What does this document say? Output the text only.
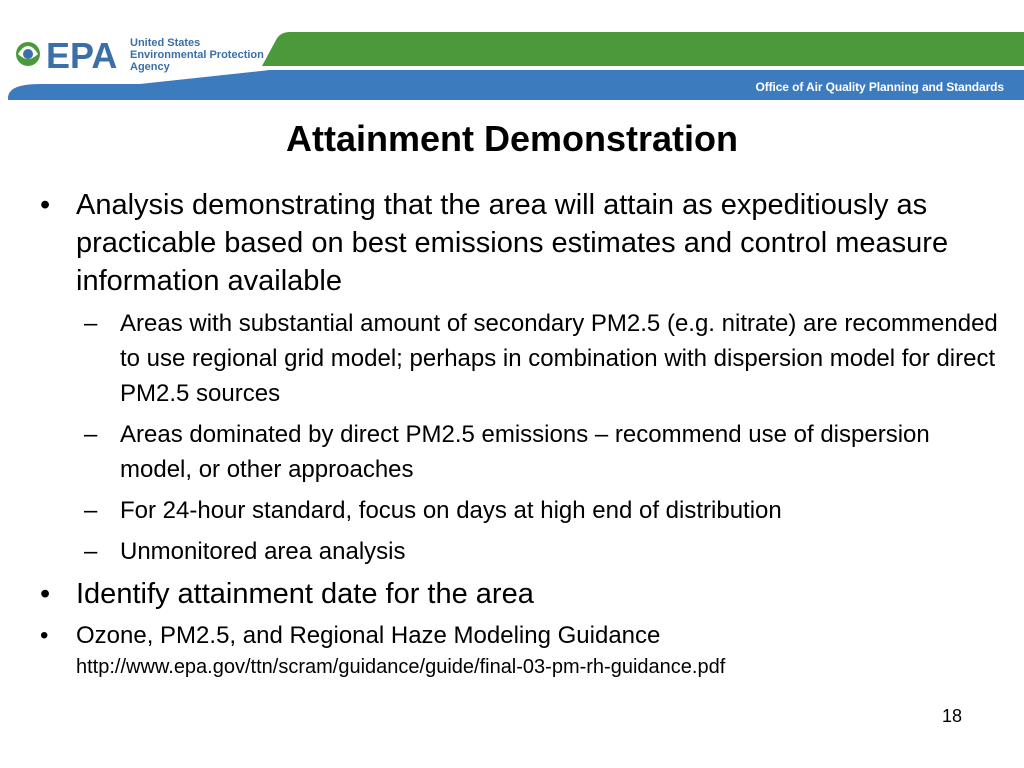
EPA United States
Environmental Protection
Agency
Office of Air Quality Planning and Standards
Attainment Demonstration
• Analysis demonstrating that the area will attain as expeditiously as practicable based on best emissions estimates and control measure information available
– Areas with substantial amount of secondary PM2.5 (e.g. nitrate) are recommended to use regional grid model; perhaps in combination with dispersion model for direct PM2.5 sources
– Areas dominated by direct PM2.5 emissions – recommend use of dispersion model, or other approaches
– For 24-hour standard, focus on days at high end of distribution
– Unmonitored area analysis
• Identify attainment date for the area
• Ozone, PM2.5, and Regional Haze Modeling Guidance
http://www.epa.gov/ttn/scram/guidance/guide/final-03-pm-rh-guidance.pdf
18
